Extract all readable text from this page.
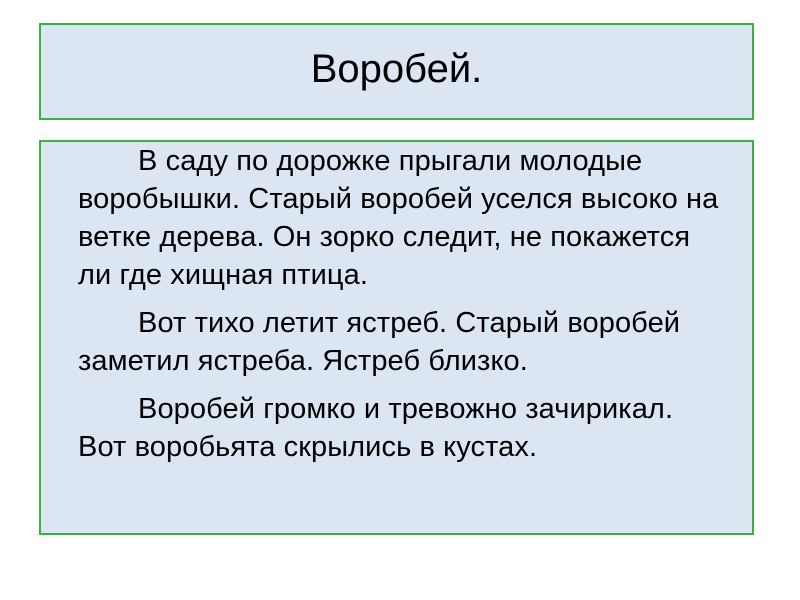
Воробей.

В саду по дорожке прыгали молодые воробышки. Старый воробей уселся высоко на ветке дерева. Он зорко следит, не покажется ли где хищная птица.

Вот тихо летит ястреб. Старый воробей заметил ястреба. Ястреб близко.

Воробей громко и тревожно зачирикал. Вот воробьята скрылись в кустах.
